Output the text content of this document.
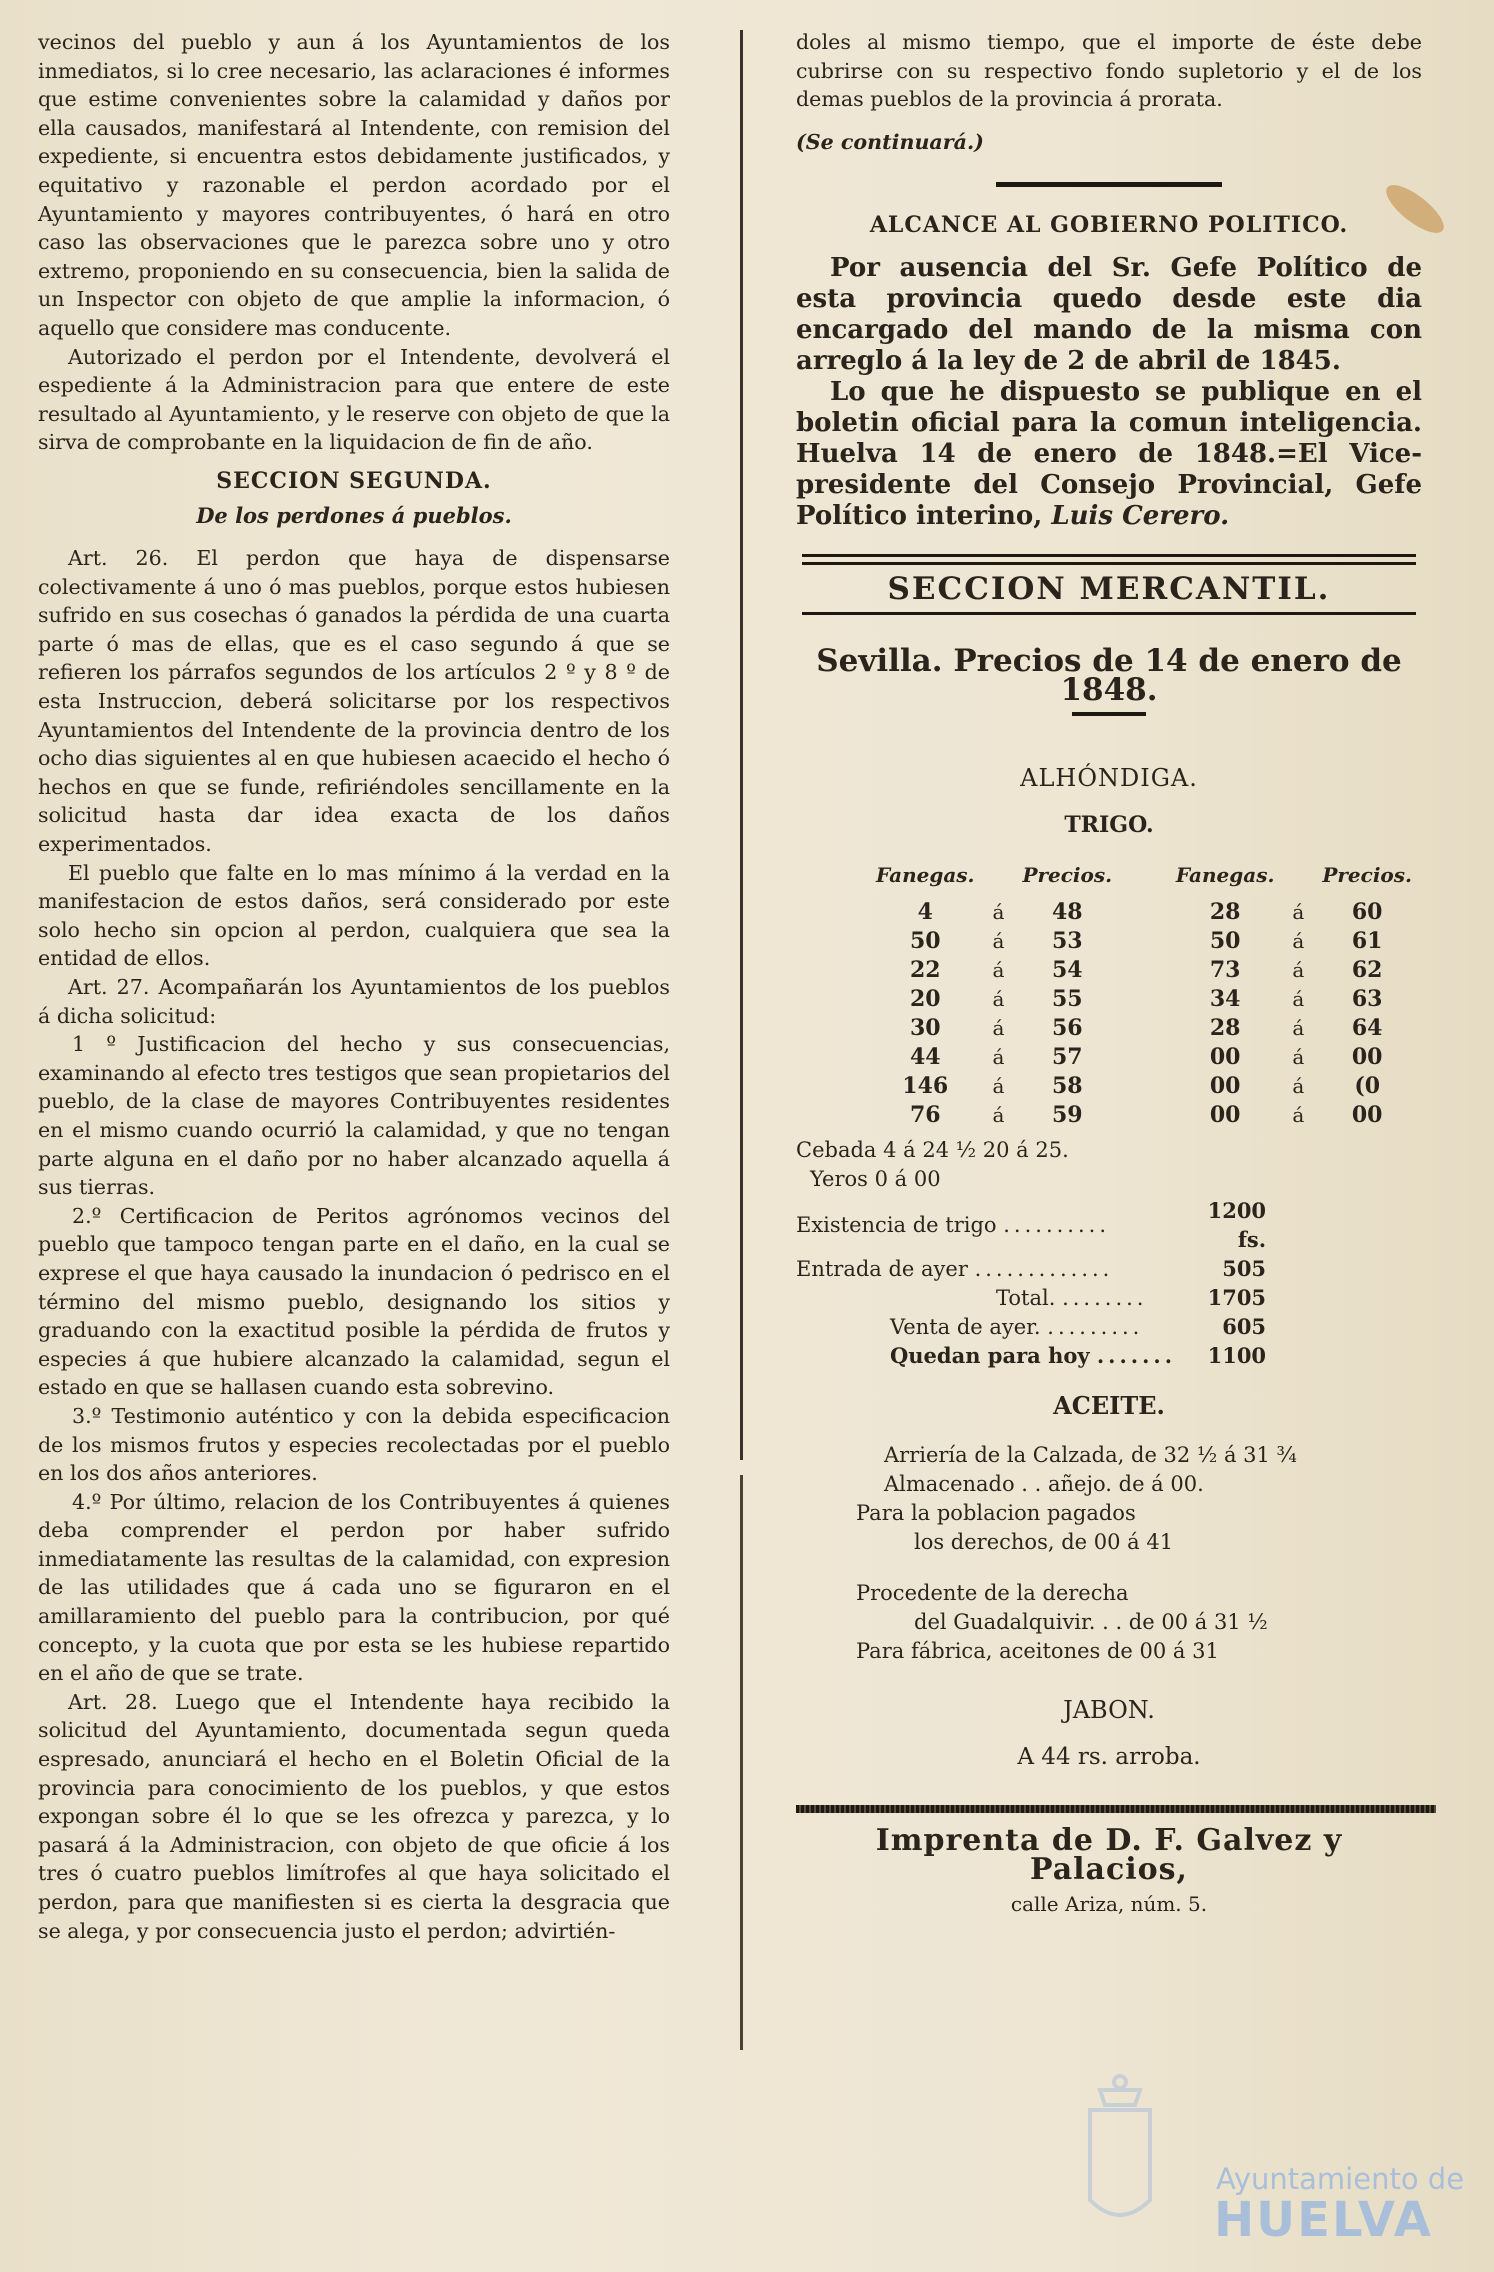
vecinos del pueblo y aun á los Ayuntamientos de los inmediatos, si lo cree necesario, las aclaraciones é informes que estime convenientes sobre la calamidad y daños por ella causados, manifestará al Intendente, con remision del expediente, si encuentra estos debidamente justificados, y equitativo y razonable el perdon acordado por el Ayuntamiento y mayores contribuyentes, ó hará en otro caso las observaciones que le parezca sobre uno y otro extremo, proponiendo en su consecuencia, bien la salida de un Inspector con objeto de que amplie la informacion, ó aquello que considere mas conducente.

Autorizado el perdon por el Intendente, devolverá el espediente á la Administracion para que entere de este resultado al Ayuntamiento, y le reserve con objeto de que la sirva de comprobante en la liquidacion de fin de año.

SECCION SEGUNDA.
De los perdones á pueblos.

Art. 26. El perdon que haya de dispensarse colectivamente á uno ó mas pueblos, porque estos hubiesen sufrido en sus cosechas ó ganados la pérdida de una cuarta parte ó mas de ellas, que es el caso segundo á que se refieren los párrafos segundos de los artículos 2 º y 8 º de esta Instruccion, deberá solicitarse por los respectivos Ayuntamientos del Intendente de la provincia dentro de los ocho dias siguientes al en que hubiesen acaecido el hecho ó hechos en que se funde, refiriéndoles sencillamente en la solicitud hasta dar idea exacta de los daños experimentados.

El pueblo que falte en lo mas mínimo á la verdad en la manifestacion de estos daños, será considerado por este solo hecho sin opcion al perdon, cualquiera que sea la entidad de ellos.

Art. 27. Acompañarán los Ayuntamientos de los pueblos á dicha solicitud:

1 º Justificacion del hecho y sus consecuencias, examinando al efecto tres testigos que sean propietarios del pueblo, de la clase de mayores Contribuyentes residentes en el mismo cuando ocurrió la calamidad, y que no tengan parte alguna en el daño por no haber alcanzado aquella á sus tierras.

2.º Certificacion de Peritos agrónomos vecinos del pueblo que tampoco tengan parte en el daño, en la cual se exprese el que haya causado la inundacion ó pedrisco en el término del mismo pueblo, designando los sitios y graduando con la exactitud posible la pérdida de frutos y especies á que hubiere alcanzado la calamidad, segun el estado en que se hallasen cuando esta sobrevino.

3.º Testimonio auténtico y con la debida especificacion de los mismos frutos y especies recolectadas por el pueblo en los dos años anteriores.

4.º Por último, relacion de los Contribuyentes á quienes deba comprender el perdon por haber sufrido inmediatamente las resultas de la calamidad, con expresion de las utilidades que á cada uno se figuraron en el amillaramiento del pueblo para la contribucion, por qué concepto, y la cuota que por esta se les hubiese repartido en el año de que se trate.

Art. 28. Luego que el Intendente haya recibido la solicitud del Ayuntamiento, documentada segun queda espresado, anunciará el hecho en el Boletin Oficial de la provincia para conocimiento de los pueblos, y que estos expongan sobre él lo que se les ofrezca y parezca, y lo pasará á la Administracion, con objeto de que oficie á los tres ó cuatro pueblos limítrofes al que haya solicitado el perdon, para que manifiesten si es cierta la desgracia que se alega, y por consecuencia justo el perdon; advirtién-

doles al mismo tiempo, que el importe de éste debe cubrirse con su respectivo fondo supletorio y el de los demas pueblos de la provincia á prorata.

(Se continuará.)

ALCANCE AL GOBIERNO POLITICO.

Por ausencia del Sr. Gefe Político de esta provincia quedo desde este dia encargado del mando de la misma con arreglo á la ley de 2 de abril de 1845.

Lo que he dispuesto se publique en el boletin oficial para la comun inteligencia. Huelva 14 de enero de 1848.=El Vice-presidente del Consejo Provincial, Gefe Político interino, Luis Cerero.

SECCION MERCANTIL.
Sevilla. Precios de 14 de enero de 1848.
ALHÓNDIGA.
TRIGO.
Fanegas.		Precios.		Fanegas.		Precios.
4	á	48		28	á	60
50	á	53		50	á	61
22	á	54		73	á	62
20	á	55		34	á	63
30	á	56		28	á	64
44	á	57		00	á	00
146	á	58		00	á	(0
76	á	59		00	á	00
Cebada 4 á 24 ½ 20 á 25.
Yeros 0 á 00
Existencia de trigo ..........	1200 fs.
Entrada de ayer .............	505
Total. ........	1705
Venta de ayer. .........	605
Quedan para hoy .......	1100
ACEITE.
Arriería de la Calzada, de 32 ½ á 31 ¾
Almacenado . . añejo. de á 00.
Para la poblacion pagados
los derechos, de 00 á 41
Procedente de la derecha
del Guadalquivir. . . de 00 á 31 ½
Para fábrica, aceitones de 00 á 31
JABON.
A 44 rs. arroba.
Imprenta de D. F. Galvez y Palacios,
calle Ariza, núm. 5.
Ayuntamiento de
HUELVA
